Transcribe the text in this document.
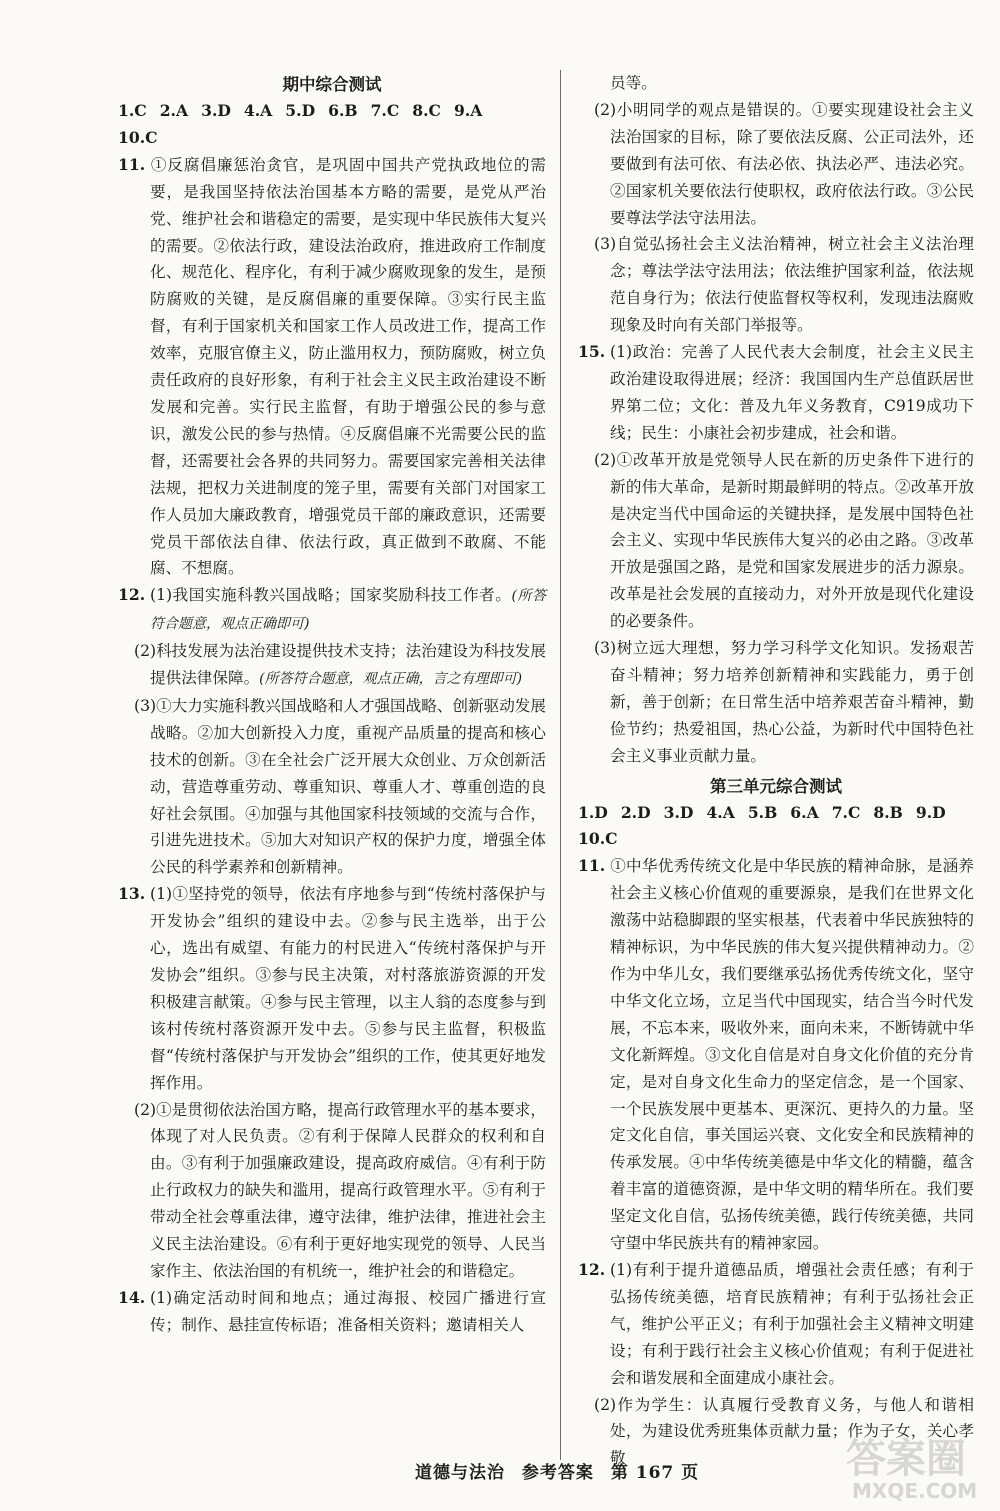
期中综合测试

1.C 2.A 3.D 4.A 5.D 6.B 7.C 8.C 9.A

10.C

11. ①反腐倡廉惩治贪官，是巩固中国共产党执政地位的需要，是我国坚持依法治国基本方略的需要，是党从严治党、维护社会和谐稳定的需要，是实现中华民族伟大复兴的需要。②依法行政，建设法治政府，推进政府工作制度化、规范化、程序化，有利于减少腐败现象的发生，是预防腐败的关键，是反腐倡廉的重要保障。③实行民主监督，有利于国家机关和国家工作人员改进工作，提高工作效率，克服官僚主义，防止滥用权力，预防腐败，树立负责任政府的良好形象，有利于社会主义民主政治建设不断发展和完善。实行民主监督，有助于增强公民的参与意识，激发公民的参与热情。④反腐倡廉不光需要公民的监督，还需要社会各界的共同努力。需要国家完善相关法律法规，把权力关进制度的笼子里，需要有关部门对国家工作人员加大廉政教育，增强党员干部的廉政意识，还需要党员干部依法自律、依法行政，真正做到不敢腐、不能腐、不想腐。

12. (1)我国实施科教兴国战略；国家奖励科技工作者。(所答符合题意，观点正确即可)

(2)科技发展为法治建设提供技术支持；法治建设为科技发展提供法律保障。(所答符合题意，观点正确，言之有理即可)

(3)①大力实施科教兴国战略和人才强国战略、创新驱动发展战略。②加大创新投入力度，重视产品质量的提高和核心技术的创新。③在全社会广泛开展大众创业、万众创新活动，营造尊重劳动、尊重知识、尊重人才、尊重创造的良好社会氛围。④加强与其他国家科技领域的交流与合作，引进先进技术。⑤加大对知识产权的保护力度，增强全体公民的科学素养和创新精神。

13. (1)①坚持党的领导，依法有序地参与到“传统村落保护与开发协会”组织的建设中去。②参与民主选举，出于公心，选出有威望、有能力的村民进入“传统村落保护与开发协会”组织。③参与民主决策，对村落旅游资源的开发积极建言献策。④参与民主管理，以主人翁的态度参与到该村传统村落资源开发中去。⑤参与民主监督，积极监督“传统村落保护与开发协会”组织的工作，使其更好地发挥作用。

(2)①是贯彻依法治国方略，提高行政管理水平的基本要求，体现了对人民负责。②有利于保障人民群众的权利和自由。③有利于加强廉政建设，提高政府威信。④有利于防止行政权力的缺失和滥用，提高行政管理水平。⑤有利于带动全社会尊重法律，遵守法律，维护法律，推进社会主义民主法治建设。⑥有利于更好地实现党的领导、人民当家作主、依法治国的有机统一，维护社会的和谐稳定。

14. (1)确定活动时间和地点；通过海报、校园广播进行宣传；制作、悬挂宣传标语；准备相关资料；邀请相关人

员等。

(2)小明同学的观点是错误的。①要实现建设社会主义法治国家的目标，除了要依法反腐、公正司法外，还要做到有法可依、有法必依、执法必严、违法必究。②国家机关要依法行使职权，政府依法行政。③公民要尊法学法守法用法。

(3)自觉弘扬社会主义法治精神，树立社会主义法治理念；尊法学法守法用法；依法维护国家利益，依法规范自身行为；依法行使监督权等权利，发现违法腐败现象及时向有关部门举报等。

15. (1)政治：完善了人民代表大会制度，社会主义民主政治建设取得进展；经济：我国国内生产总值跃居世界第二位；文化：普及九年义务教育，C919成功下线；民生：小康社会初步建成，社会和谐。

(2)①改革开放是党领导人民在新的历史条件下进行的新的伟大革命，是新时期最鲜明的特点。②改革开放是决定当代中国命运的关键抉择，是发展中国特色社会主义、实现中华民族伟大复兴的必由之路。③改革开放是强国之路，是党和国家发展进步的活力源泉。改革是社会发展的直接动力，对外开放是现代化建设的必要条件。

(3)树立远大理想，努力学习科学文化知识。发扬艰苦奋斗精神；努力培养创新精神和实践能力，勇于创新，善于创新；在日常生活中培养艰苦奋斗精神，勤俭节约；热爱祖国，热心公益，为新时代中国特色社会主义事业贡献力量。

第三单元综合测试

1.D 2.D 3.D 4.A 5.B 6.A 7.C 8.B 9.D

10.C

11. ①中华优秀传统文化是中华民族的精神命脉，是涵养社会主义核心价值观的重要源泉，是我们在世界文化激荡中站稳脚跟的坚实根基，代表着中华民族独特的精神标识，为中华民族的伟大复兴提供精神动力。②作为中华儿女，我们要继承弘扬优秀传统文化，坚守中华文化立场，立足当代中国现实，结合当今时代发展，不忘本来，吸收外来，面向未来，不断铸就中华文化新辉煌。③文化自信是对自身文化价值的充分肯定，是对自身文化生命力的坚定信念，是一个国家、一个民族发展中更基本、更深沉、更持久的力量。坚定文化自信，事关国运兴衰、文化安全和民族精神的传承发展。④中华传统美德是中华文化的精髓，蕴含着丰富的道德资源，是中华文明的精华所在。我们要坚定文化自信，弘扬传统美德，践行传统美德，共同守望中华民族共有的精神家园。

12. (1)有利于提升道德品质，增强社会责任感；有利于弘扬传统美德，培育民族精神；有利于弘扬社会正气，维护公平正义；有利于加强社会主义精神文明建设；有利于践行社会主义核心价值观；有利于促进社会和谐发展和全面建成小康社会。

(2)作为学生：认真履行受教育义务，与他人和谐相处，为建设优秀班集体贡献力量；作为子女，关心孝敬

道德与法治 参考答案 第 167 页	答案圈
MXQE.COM
